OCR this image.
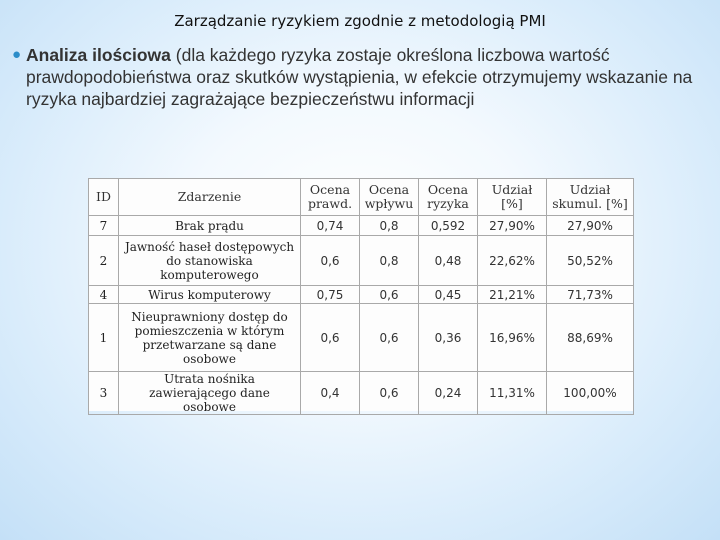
Zarządzanie ryzykiem zgodnie z metodologią PMI
● Analiza ilościowa (dla każdego ryzyka zostaje określona liczbowa wartość prawdopodobieństwa oraz skutków wystąpienia, w efekcie otrzymujemy wskazanie na ryzyka najbardziej zagrażające bezpieczeństwu informacji
ID	Zdarzenie	Ocena prawd.	Ocena wpływu	Ocena ryzyka	Udział [%]	Udział skumul. [%]
7	Brak prądu	0,74	0,8	0,592	27,90%	27,90%
2	Jawność haseł dostępowych do stanowiska komputerowego	0,6	0,8	0,48	22,62%	50,52%
4	Wirus komputerowy	0,75	0,6	0,45	21,21%	71,73%
1	Nieuprawniony dostęp do pomieszczenia w którym przetwarzane są dane osobowe	0,6	0,6	0,36	16,96%	88,69%
3	Utrata nośnika zawierającego dane osobowe	0,4	0,6	0,24	11,31%	100,00%
